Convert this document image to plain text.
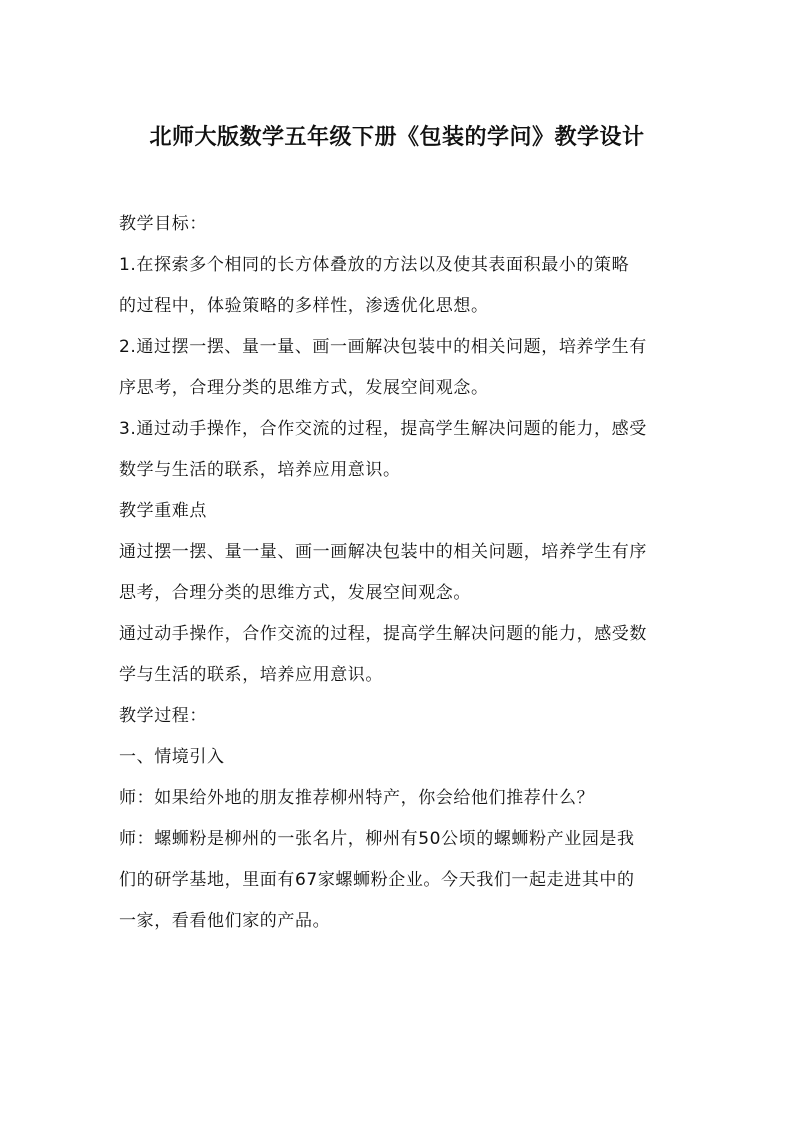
北师大版数学五年级下册《包装的学问》教学设计
教学目标：
1.在探索多个相同的长方体叠放的方法以及使其表面积最小的策略
的过程中，体验策略的多样性，渗透优化思想。
2.通过摆一摆、量一量、画一画解决包装中的相关问题，培养学生有
序思考，合理分类的思维方式，发展空间观念。
3.通过动手操作，合作交流的过程，提高学生解决问题的能力，感受
数学与生活的联系，培养应用意识。
教学重难点
通过摆一摆、量一量、画一画解决包装中的相关问题，培养学生有序
思考，合理分类的思维方式，发展空间观念。
通过动手操作，合作交流的过程，提高学生解决问题的能力，感受数
学与生活的联系，培养应用意识。
教学过程：
一、情境引入
师：如果给外地的朋友推荐柳州特产，你会给他们推荐什么？
师：螺蛳粉是柳州的一张名片，柳州有50公顷的螺蛳粉产业园是我
们的研学基地，里面有67家螺蛳粉企业。今天我们一起走进其中的
一家，看看他们家的产品。
